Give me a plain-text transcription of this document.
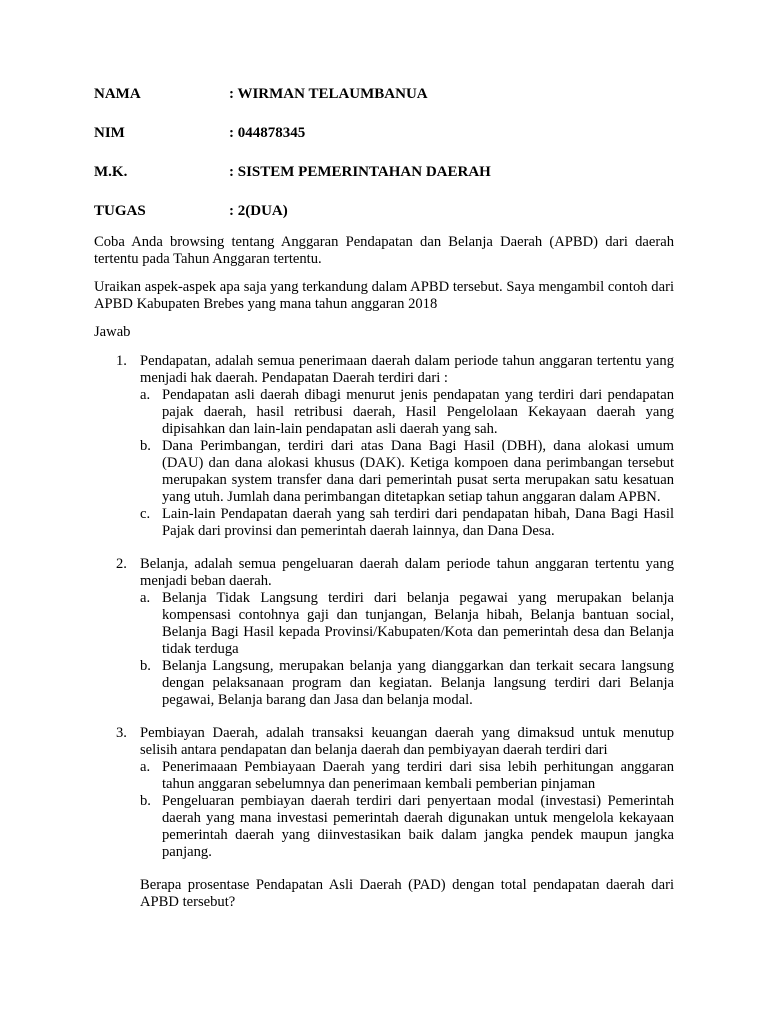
NAMA	: WIRMAN TELAUMBANUA
NIM	: 044878345
M.K.	: SISTEM PEMERINTAHAN DAERAH
TUGAS	: 2(DUA)

Coba Anda browsing tentang Anggaran Pendapatan dan Belanja Daerah (APBD) dari daerah tertentu pada Tahun Anggaran tertentu.

Uraikan aspek-aspek apa saja yang terkandung dalam APBD tersebut. Saya mengambil contoh dari APBD Kabupaten Brebes yang mana tahun anggaran 2018

Jawab

1. Pendapatan, adalah semua penerimaan daerah dalam periode tahun anggaran tertentu yang menjadi hak daerah. Pendapatan Daerah terdiri dari :
a. Pendapatan asli daerah dibagi menurut jenis pendapatan yang terdiri dari pendapatan pajak daerah, hasil retribusi daerah, Hasil Pengelolaan Kekayaan daerah yang dipisahkan dan lain-lain pendapatan asli daerah yang sah.
b. Dana Perimbangan, terdiri dari atas Dana Bagi Hasil (DBH), dana alokasi umum (DAU) dan dana alokasi khusus (DAK). Ketiga kompoen dana perimbangan tersebut merupakan system transfer dana dari pemerintah pusat serta merupakan satu kesatuan yang utuh. Jumlah dana perimbangan ditetapkan setiap tahun anggaran dalam APBN.
c. Lain-lain Pendapatan daerah yang sah terdiri dari pendapatan hibah, Dana Bagi Hasil Pajak dari provinsi dan pemerintah daerah lainnya, dan Dana Desa.
2. Belanja, adalah semua pengeluaran daerah dalam periode tahun anggaran tertentu yang menjadi beban daerah.
a. Belanja Tidak Langsung terdiri dari belanja pegawai yang merupakan belanja kompensasi contohnya gaji dan tunjangan, Belanja hibah, Belanja bantuan social, Belanja Bagi Hasil kepada Provinsi/Kabupaten/Kota dan pemerintah desa dan Belanja tidak terduga
b. Belanja Langsung, merupakan belanja yang dianggarkan dan terkait secara langsung dengan pelaksanaan program dan kegiatan. Belanja langsung terdiri dari Belanja pegawai, Belanja barang dan Jasa dan belanja modal.
3. Pembiayan Daerah, adalah transaksi keuangan daerah yang dimaksud untuk menutup selisih antara pendapatan dan belanja daerah dan pembiyayan daerah terdiri dari
a. Penerimaaan Pembiayaan Daerah yang terdiri dari sisa lebih perhitungan anggaran tahun anggaran sebelumnya dan penerimaan kembali pemberian pinjaman
b. Pengeluaran pembiayan daerah terdiri dari penyertaan modal (investasi) Pemerintah daerah yang mana investasi pemerintah daerah digunakan untuk mengelola kekayaan pemerintah daerah yang diinvestasikan baik dalam jangka pendek maupun jangka panjang.

Berapa prosentase Pendapatan Asli Daerah (PAD) dengan total pendapatan daerah dari APBD tersebut?
